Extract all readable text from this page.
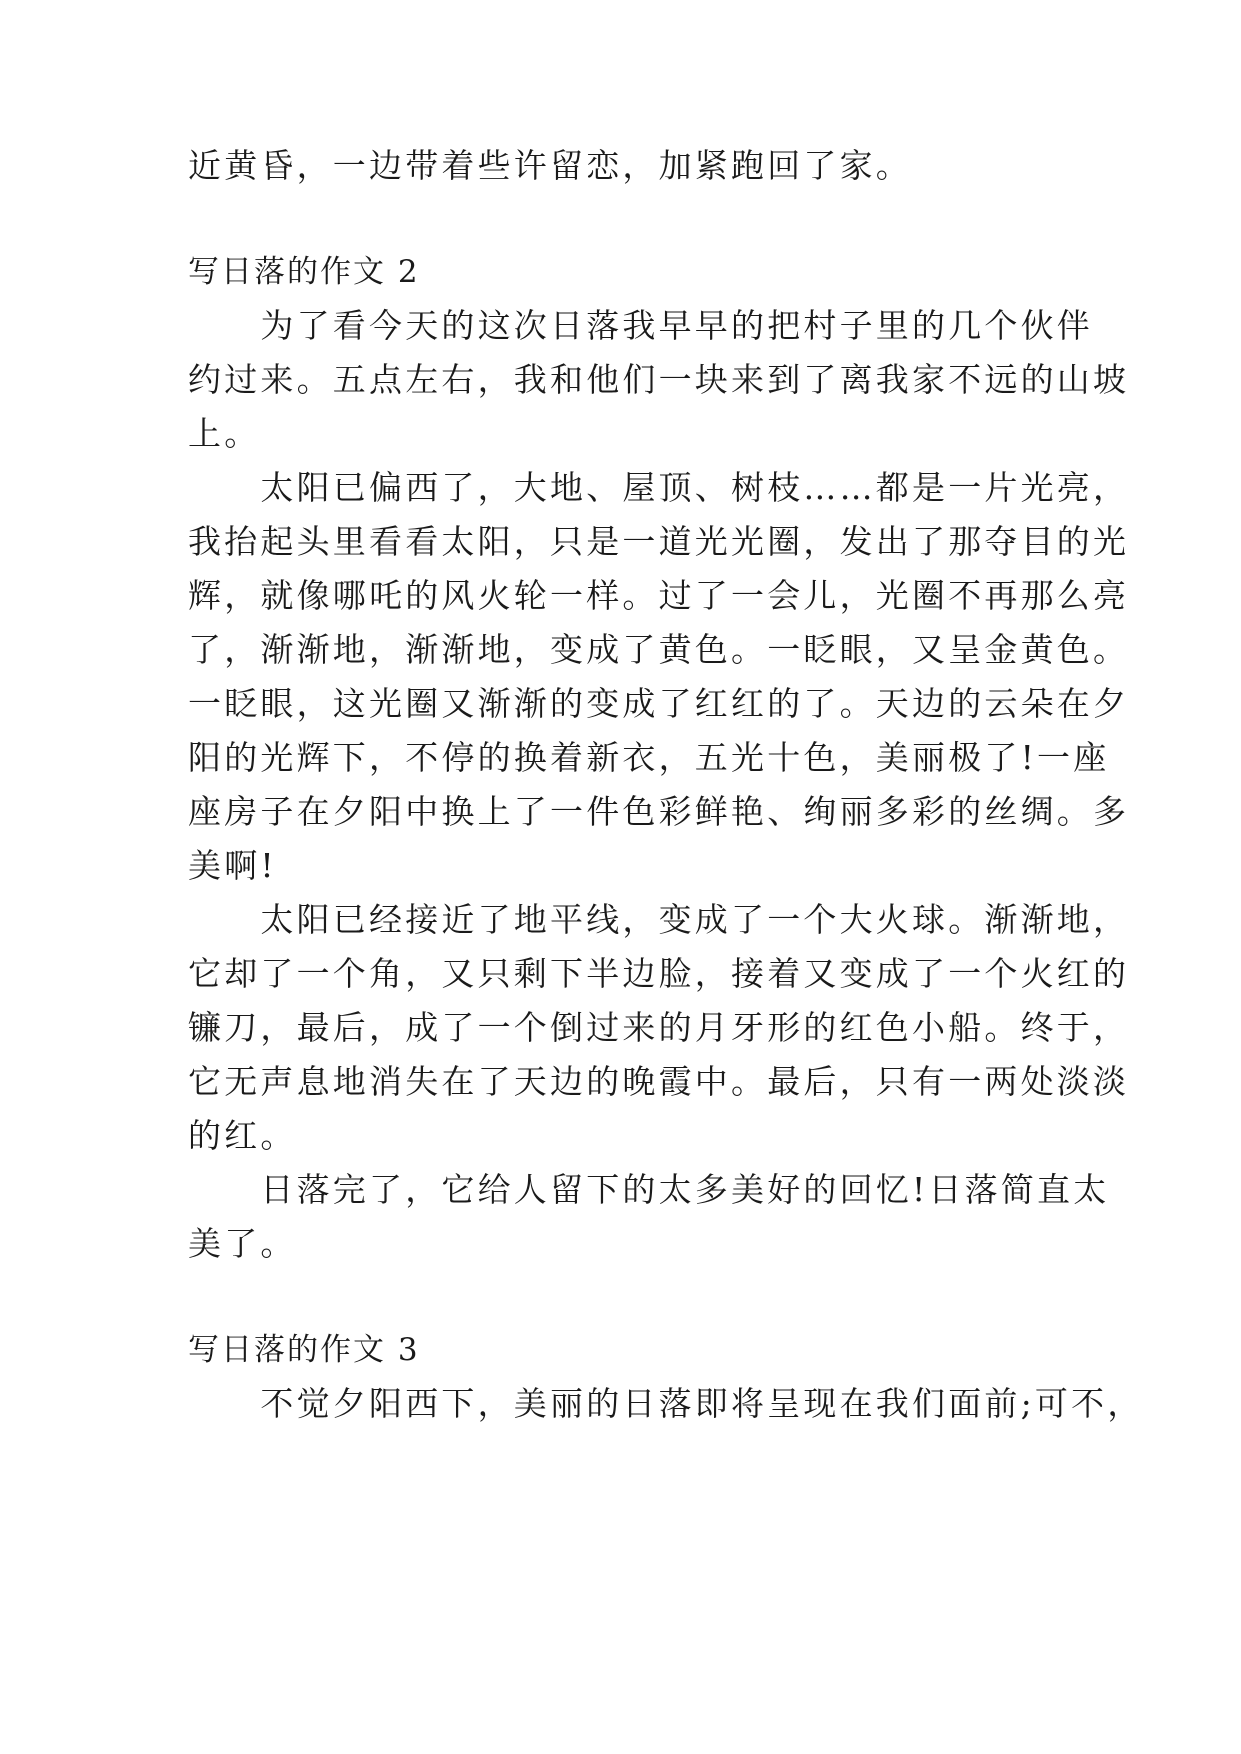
近黄昏，一边带着些许留恋，加紧跑回了家。
写日落的作文 2
　　为了看今天的这次日落我早早的把村子里的几个伙伴
约过来。五点左右，我和他们一块来到了离我家不远的山坡
上。
　　太阳已偏西了，大地、屋顶、树枝……都是一片光亮，
我抬起头里看看太阳，只是一道光光圈，发出了那夺目的光
辉，就像哪吒的风火轮一样。过了一会儿，光圈不再那么亮
了，渐渐地，渐渐地，变成了黄色。一眨眼，又呈金黄色。
一眨眼，这光圈又渐渐的变成了红红的了。天边的云朵在夕
阳的光辉下，不停的换着新衣，五光十色，美丽极了!一座
座房子在夕阳中换上了一件色彩鲜艳、绚丽多彩的丝绸。多
美啊!
　　太阳已经接近了地平线，变成了一个大火球。渐渐地，
它却了一个角，又只剩下半边脸，接着又变成了一个火红的
镰刀，最后，成了一个倒过来的月牙形的红色小船。终于，
它无声息地消失在了天边的晚霞中。最后，只有一两处淡淡
的红。
　　日落完了，它给人留下的太多美好的回忆!日落简直太
美了。
写日落的作文 3
　　不觉夕阳西下，美丽的日落即将呈现在我们面前;可不，
